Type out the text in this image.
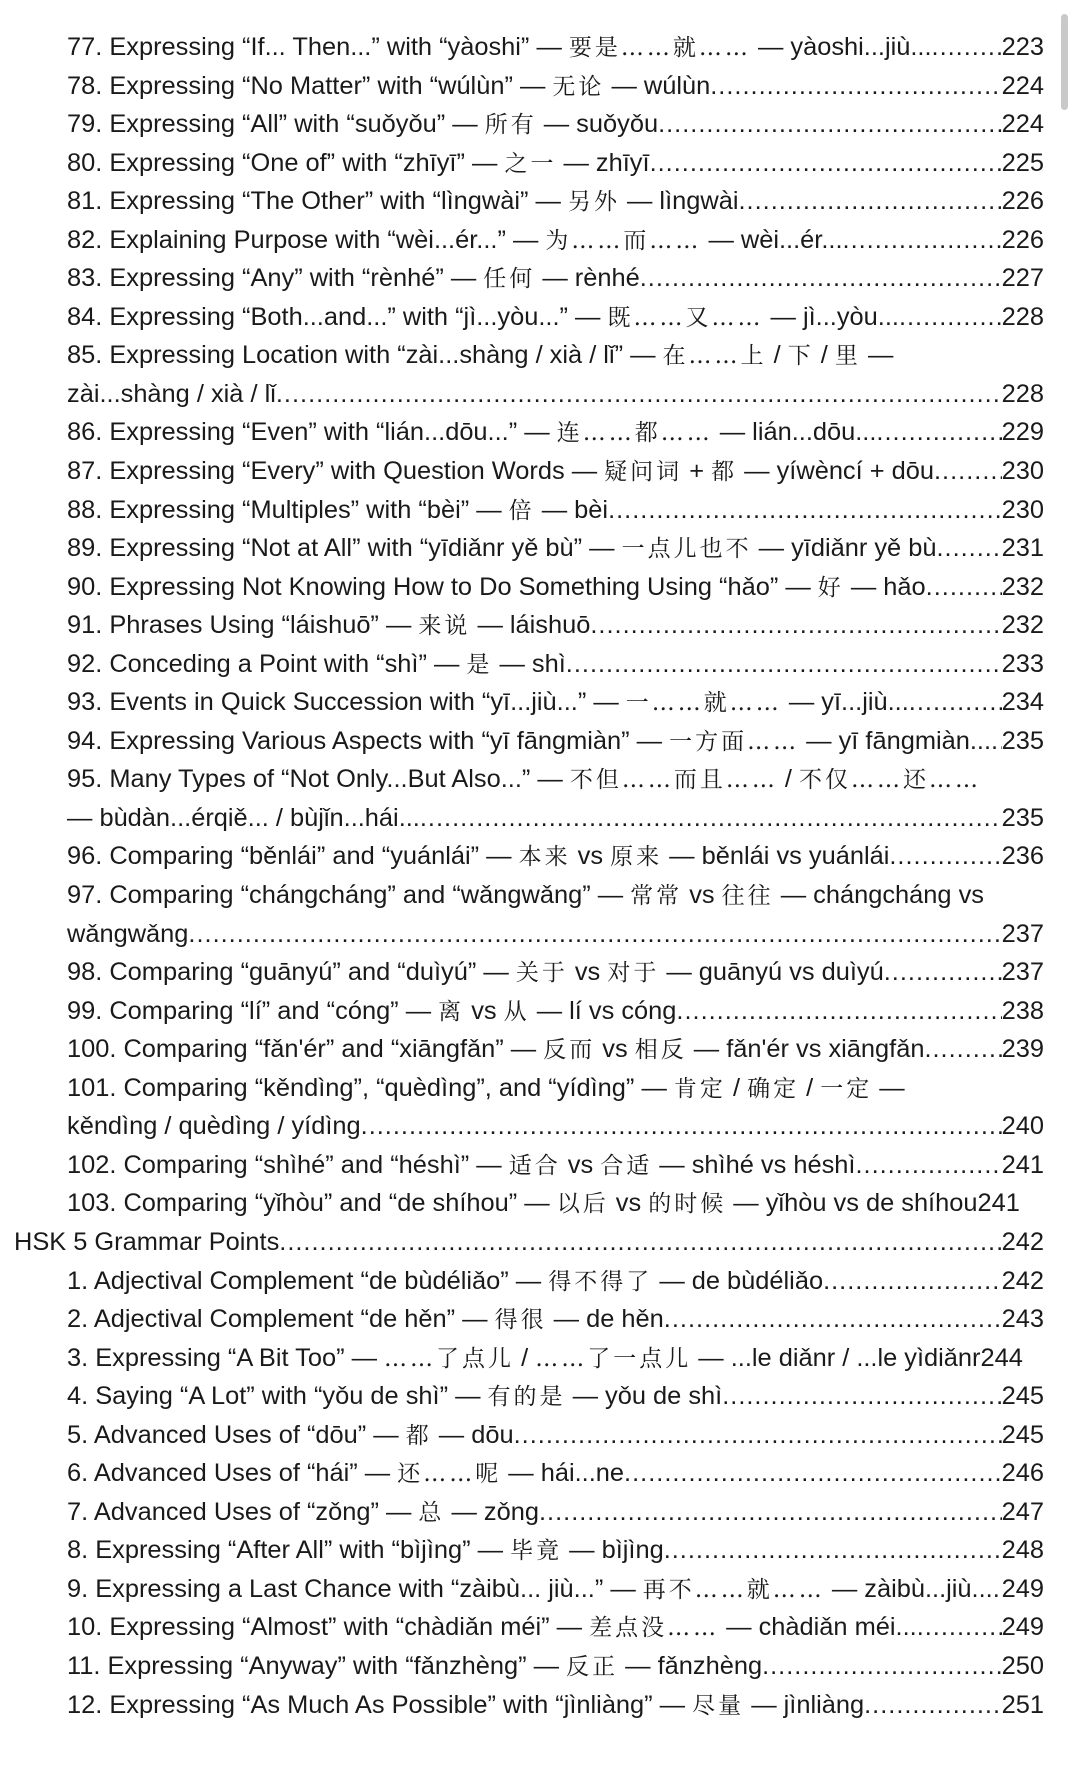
77. Expressing “If... Then...” with “yàoshi” — 要是……就…… — yàoshi...jiù... .....	223
78. Expressing “No Matter” with “wúlùn” — 无论 — wúlùn .....	224
79. Expressing “All” with “suǒyǒu” — 所有 — suǒyǒu .....	224
80. Expressing “One of” with “zhīyī” — 之一 — zhīyī .....	225
81. Expressing “The Other” with “lìngwài” — 另外 — lìngwài .....	226
82. Explaining Purpose with “wèi...ér...” — 为……而…… — wèi...ér... .....	226
83. Expressing “Any” with “rènhé” — 任何 — rènhé .....	227
84. Expressing “Both...and...” with “jì...yòu...” — 既……又…… — jì...yòu... .....	228
85. Expressing Location with “zài...shàng / xià / lǐ” — 在……上 / 下 / 里 —
zài...shàng / xià / lǐ .....	228
86. Expressing “Even” with “lián...dōu...” — 连……都…… — lián...dōu... .....	229
87. Expressing “Every” with Question Words — 疑问词 + 都 — yíwèncí + dōu .....	230
88. Expressing “Multiples” with “bèi” — 倍 — bèi .....	230
89. Expressing “Not at All” with “yīdiǎnr yě bù” — 一点儿也不 — yīdiǎnr yě bù .....	231
90. Expressing Not Knowing How to Do Something Using “hǎo” — 好 — hǎo .....	232
91. Phrases Using “láishuō” — 来说 — láishuō .....	232
92. Conceding a Point with “shì” — 是 — shì .....	233
93. Events in Quick Succession with “yī...jiù...” — 一……就…… — yī...jiù... .....	234
94. Expressing Various Aspects with “yī fāngmiàn” — 一方面…… — yī fāngmiàn... ..... 235
95. Many Types of “Not Only...But Also...” — 不但……而且…… / 不仅……还……
— bùdàn...érqiě... / bùjǐn...hái... .....	235
96. Comparing “běnlái” and “yuánlái” — 本来 vs 原来 — běnlái vs yuánlái .....	236
97. Comparing “chángcháng” and “wǎngwǎng” — 常常 vs 往往 — chángcháng vs
wǎngwǎng .....	237
98. Comparing “guānyú” and “duìyú” — 关于 vs 对于 — guānyú vs duìyú .....	237
99. Comparing “lí” and “cóng” — 离 vs 从 — lí vs cóng .....	238
100. Comparing “fǎn'ér” and “xiāngfǎn” — 反而 vs 相反 — fǎn'ér vs xiāngfǎn .....	239
101. Comparing “kěndìng”, “quèdìng”, and “yídìng” — 肯定 / 确定 / 一定 —
kěndìng / quèdìng / yídìng .....	240
102. Comparing “shìhé” and “héshì” — 适合 vs 合适 — shìhé vs héshì .....	241
103. Comparing “yǐhòu” and “de shíhou” — 以后 vs 的时候 — yǐhòu vs de shíhou 241
HSK 5 Grammar Points .....	242
1. Adjectival Complement “de bùdéliǎo” — 得不得了 — de bùdéliǎo .....	242
2. Adjectival Complement “de hěn” — 得很 — de hěn .....	243
3. Expressing “A Bit Too” — ……了点儿 / ……了一点儿 — ...le diǎnr / ...le yìdiǎnr 244
4. Saying “A Lot” with “yǒu de shì” — 有的是 — yǒu de shì .....	245
5. Advanced Uses of “dōu” — 都 — dōu .....	245
6. Advanced Uses of “hái” — 还……呢 — hái...ne .....	246
7. Advanced Uses of “zǒng” — 总 — zǒng .....	247
8. Expressing “After All” with “bìjìng” — 毕竟 — bìjìng .....	248
9. Expressing a Last Chance with “zàibù... jiù...” — 再不……就…… — zàibù...jiù... ..... 249
10. Expressing “Almost” with “chàdiǎn méi” — 差点没…… — chàdiǎn méi... .....	249
11. Expressing “Anyway” with “fǎnzhèng” — 反正 — fǎnzhèng .....	250
12. Expressing “As Much As Possible” with “jìnliàng” — 尽量 — jìnliàng .....	251
